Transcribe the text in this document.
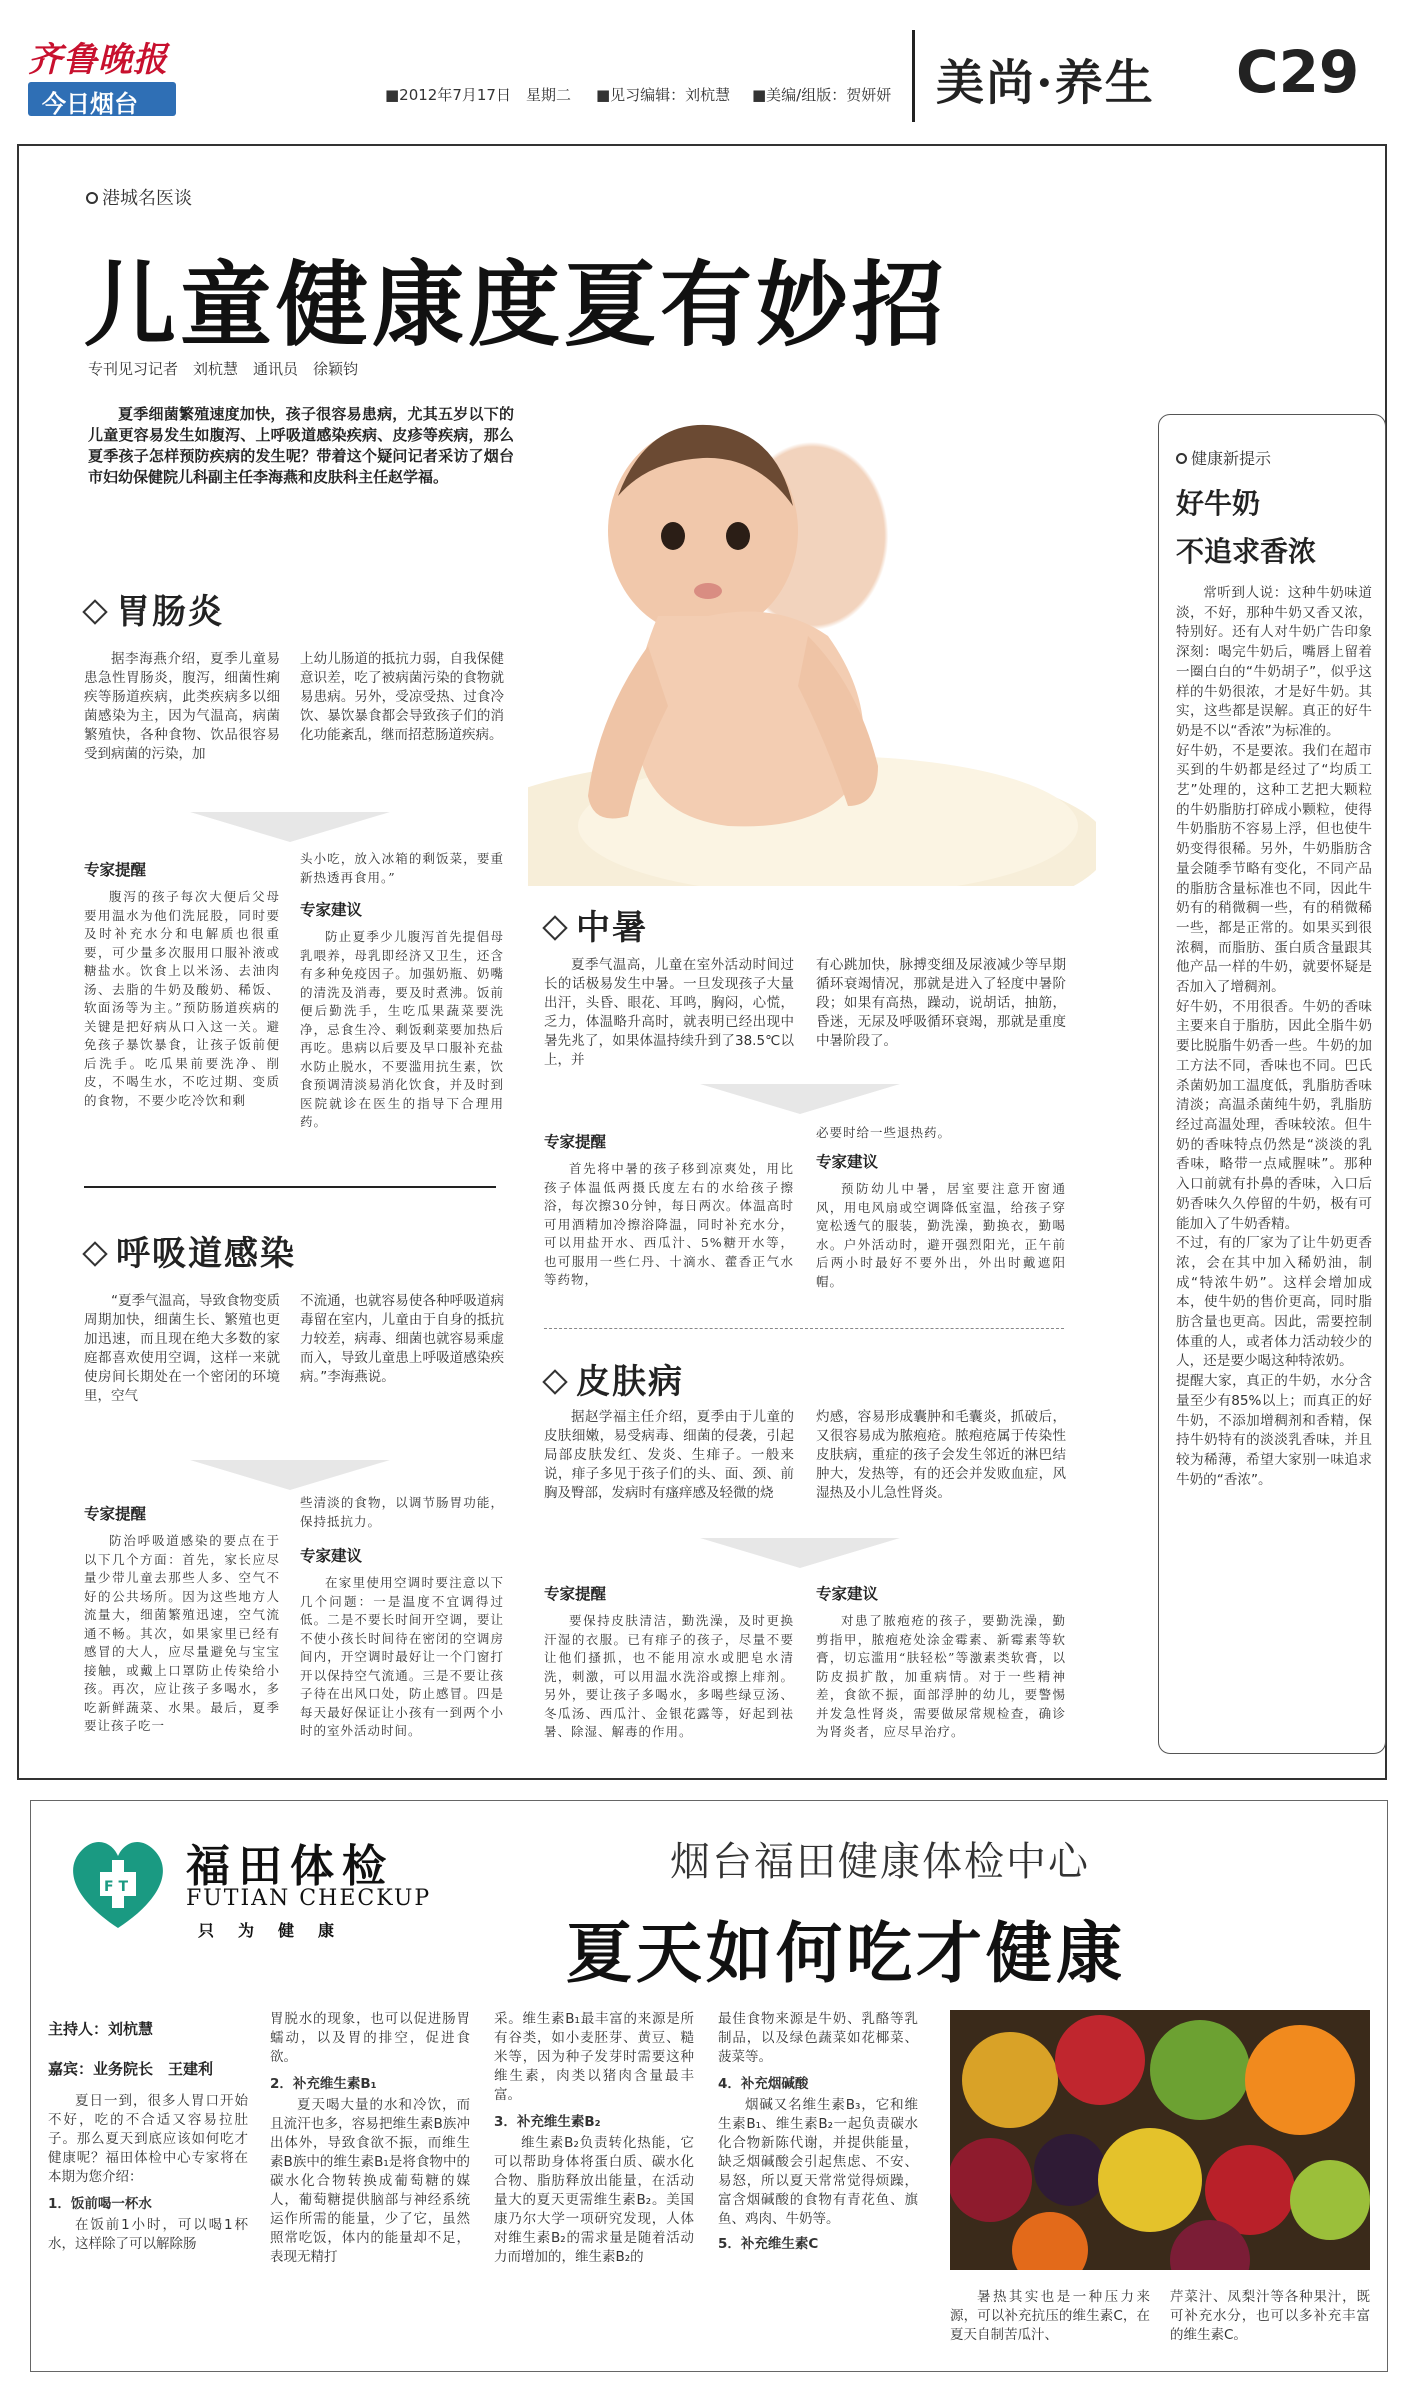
齐鲁晚报
今日烟台	■2012年7月17日　星期二 ■见习编辑：刘杭慧 ■美编/组版：贺妍妍 美尚·养生 C29
港城名医谈
儿童健康度夏有妙招
专刊见习记者　刘杭慧　通讯员　徐颖钧

夏季细菌繁殖速度加快，孩子很容易患病，尤其五岁以下的儿童更容易发生如腹泻、上呼吸道感染疾病、皮疹等疾病，那么夏季孩子怎样预防疾病的发生呢？带着这个疑问记者采访了烟台市妇幼保健院儿科副主任李海燕和皮肤科主任赵学福。

胃肠炎

据李海燕介绍，夏季儿童易患急性胃肠炎，腹泻，细菌性痢疾等肠道疾病，此类疾病多以细菌感染为主，因为气温高，病菌繁殖快，各种食物、饮品很容易受到病菌的污染，加

上幼儿肠道的抵抗力弱，自我保健意识差，吃了被病菌污染的食物就易患病。另外，受凉受热、过食冷饮、暴饮暴食都会导致孩子们的消化功能紊乱，继而招惹肠道疾病。

专家提醒

腹泻的孩子每次大便后父母要用温水为他们洗屁股，同时要及时补充水分和电解质也很重要，可少量多次服用口服补液或糖盐水。饮食上以米汤、去油肉汤、去脂的牛奶及酸奶、稀饭、软面汤等为主。”预防肠道疾病的关键是把好病从口入这一关。避免孩子暴饮暴食，让孩子饭前便后洗手。吃瓜果前要洗净、削皮，不喝生水，不吃过期、变质的食物，不要少吃冷饮和剩

头小吃，放入冰箱的剩饭菜，要重新热透再食用。”

专家建议

防止夏季少儿腹泻首先提倡母乳喂养，母乳即经济又卫生，还含有多种免疫因子。加强奶瓶、奶嘴的清洗及消毒，要及时煮沸。饭前便后勤洗手，生吃瓜果蔬菜要洗净，忌食生冷、剩饭剩菜要加热后再吃。患病以后要及早口服补充盐水防止脱水，不要滥用抗生素，饮食预调清淡易消化饮食，并及时到医院就诊在医生的指导下合理用药。

呼吸道感染

“夏季气温高，导致食物变质周期加快，细菌生长、繁殖也更加迅速，而且现在绝大多数的家庭都喜欢使用空调，这样一来就使房间长期处在一个密闭的环境里，空气

不流通，也就容易使各种呼吸道病毒留在室内，儿童由于自身的抵抗力较差，病毒、细菌也就容易乘虚而入，导致儿童患上呼吸道感染疾病。”李海燕说。

专家提醒

防治呼吸道感染的要点在于以下几个方面：首先，家长应尽量少带儿童去那些人多、空气不好的公共场所。因为这些地方人流量大，细菌繁殖迅速，空气流通不畅。其次，如果家里已经有感冒的大人，应尽量避免与宝宝接触，或戴上口罩防止传染给小孩。再次，应让孩子多喝水，多吃新鲜蔬菜、水果。最后，夏季要让孩子吃一

些清淡的食物，以调节肠胃功能，保持抵抗力。

专家建议

在家里使用空调时要注意以下几个问题：一是温度不宜调得过低。二是不要长时间开空调，要让不使小孩长时间待在密闭的空调房间内，开空调时最好让一个门窗打开以保持空气流通。三是不要让孩子待在出风口处，防止感冒。四是每天最好保证让小孩有一到两个小时的室外活动时间。

中暑

夏季气温高，儿童在室外活动时间过长的话极易发生中暑。一旦发现孩子大量出汗，头昏、眼花、耳鸣，胸闷，心慌，乏力，体温略升高时，就表明已经出现中暑先兆了，如果体温持续升到了38.5℃以上，并

有心跳加快，脉搏变细及尿液减少等早期循环衰竭情况，那就是进入了轻度中暑阶段；如果有高热，躁动，说胡话，抽筋，昏迷，无尿及呼吸循环衰竭，那就是重度中暑阶段了。

专家提醒

首先将中暑的孩子移到凉爽处，用比孩子体温低两摄氏度左右的水给孩子擦浴，每次擦30分钟，每日两次。体温高时可用酒精加冷擦浴降温，同时补充水分，可以用盐开水、西瓜汁、5%糖开水等，也可服用一些仁丹、十滴水、藿香正气水等药物，

必要时给一些退热药。

专家建议

预防幼儿中暑，居室要注意开窗通风，用电风扇或空调降低室温，给孩子穿宽松透气的服装，勤洗澡，勤换衣，勤喝水。户外活动时，避开强烈阳光，正午前后两小时最好不要外出，外出时戴遮阳帽。

皮肤病

据赵学福主任介绍，夏季由于儿童的皮肤细嫩，易受病毒、细菌的侵袭，引起局部皮肤发红、发炎、生痱子。一般来说，痱子多见于孩子们的头、面、颈、前胸及臀部，发病时有瘙痒感及轻微的烧

灼感，容易形成囊肿和毛囊炎，抓破后，又很容易成为脓疱疮。脓疱疮属于传染性皮肤病，重症的孩子会发生邻近的淋巴结肿大，发热等，有的还会并发败血症，风湿热及小儿急性肾炎。

专家提醒

要保持皮肤清洁，勤洗澡，及时更换汗湿的衣服。已有痱子的孩子，尽量不要让他们搔抓，也不能用凉水或肥皂水清洗，刺激，可以用温水洗浴或擦上痱剂。另外，要让孩子多喝水，多喝些绿豆汤、冬瓜汤、西瓜汁、金银花露等，好起到祛暑、除湿、解毒的作用。

专家建议

对患了脓疱疮的孩子，要勤洗澡，勤剪指甲，脓疱疮处涂金霉素、新霉素等软膏，切忘滥用“肤轻松”等激素类软膏，以防皮损扩散，加重病情。对于一些精神差，食欲不振，面部浮肿的幼儿，要警惕并发急性肾炎，需要做尿常规检查，确诊为肾炎者，应尽早治疗。

健康新提示
好牛奶
不追求香浓
常听到人说：这种牛奶味道淡，不好，那种牛奶又香又浓，特别好。还有人对牛奶广告印象深刻：喝完牛奶后，嘴唇上留着一圈白白的“牛奶胡子”，似乎这样的牛奶很浓，才是好牛奶。其实，这些都是误解。真正的好牛奶是不以“香浓”为标准的。
好牛奶，不是要浓。我们在超市买到的牛奶都是经过了“均质工艺”处理的，这种工艺把大颗粒的牛奶脂肪打碎成小颗粒，使得牛奶脂肪不容易上浮，但也使牛奶变得很稀。另外，牛奶脂肪含量会随季节略有变化，不同产品的脂肪含量标准也不同，因此牛奶有的稍微稠一些，有的稍微稀一些，都是正常的。如果买到很浓稠，而脂肪、蛋白质含量跟其他产品一样的牛奶，就要怀疑是否加入了增稠剂。
好牛奶，不用很香。牛奶的香味主要来自于脂肪，因此全脂牛奶要比脱脂牛奶香一些。牛奶的加工方法不同，香味也不同。巴氏杀菌奶加工温度低，乳脂肪香味清淡；高温杀菌纯牛奶，乳脂肪经过高温处理，香味较浓。但牛奶的香味特点仍然是“淡淡的乳香味，略带一点咸腥味”。那种入口前就有扑鼻的香味，入口后奶香味久久停留的牛奶，极有可能加入了牛奶香精。
不过，有的厂家为了让牛奶更香浓，会在其中加入稀奶油，制成“特浓牛奶”。这样会增加成本，使牛奶的售价更高，同时脂肪含量也更高。因此，需要控制体重的人，或者体力活动较少的人，还是要少喝这种特浓奶。
提醒大家，真正的牛奶，水分含量至少有85%以上；而真正的好牛奶，不添加增稠剂和香精，保持牛奶特有的淡淡乳香味，并且较为稀薄，希望大家别一味追求牛奶的“香浓”。
F T 福田体检
FUTIAN CHECKUP
只　为　健　康
烟台福田健康体检中心
夏天如何吃才健康
主持人：刘杭慧
嘉宾：业务院长　王建利

夏日一到，很多人胃口开始不好，吃的不合适又容易拉肚子。那么夏天到底应该如何吃才健康呢？福田体检中心专家将在本期为您介绍：

1．饭前喝一杯水

在饭前1小时，可以喝1杯水，这样除了可以解除肠

胃脱水的现象，也可以促进肠胃蠕动，以及胃的排空，促进食欲。

2．补充维生素B₁

夏天喝大量的水和冷饮，而且流汗也多，容易把维生素B族冲出体外，导致食欲不振，而维生素B族中的维生素B₁是将食物中的碳水化合物转换成葡萄糖的媒人，葡萄糖提供脑部与神经系统运作所需的能量，少了它，虽然照常吃饭，体内的能量却不足，表现无精打

采。维生素B₁最丰富的来源是所有谷类，如小麦胚芽、黄豆、糙米等，因为种子发芽时需要这种维生素，肉类以猪肉含量最丰富。

3．补充维生素B₂

维生素B₂负责转化热能，它可以帮助身体将蛋白质、碳水化合物、脂肪释放出能量，在活动量大的夏天更需维生素B₂。美国康乃尔大学一项研究发现，人体对维生素B₂的需求量是随着活动力而增加的，维生素B₂的

最佳食物来源是牛奶、乳酪等乳制品，以及绿色蔬菜如花椰菜、菠菜等。

4．补充烟碱酸

烟碱又名维生素B₃，它和维生素B₁、维生素B₂一起负责碳水化合物新陈代谢，并提供能量，缺乏烟碱酸会引起焦虑、不安、易怒，所以夏天常常觉得烦躁，富含烟碱酸的食物有青花鱼、旗鱼、鸡肉、牛奶等。

5．补充维生素C

暑热其实也是一种压力来源，可以补充抗压的维生素C，在夏天自制苦瓜汁、

芹菜汁、凤梨汁等各种果汁，既可补充水分，也可以多补充丰富的维生素C。
